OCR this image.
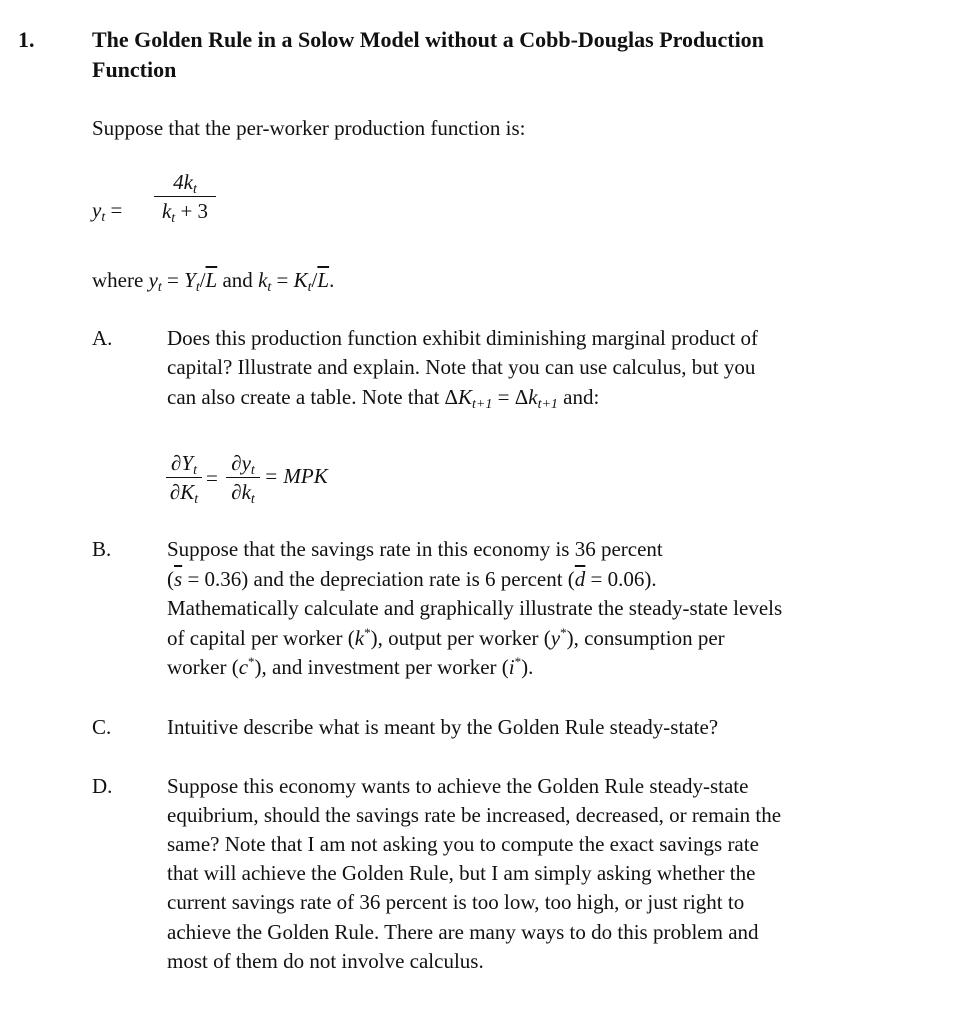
1.	The Golden Rule in a Solow Model without a Cobb-Douglas Production
Function
Suppose that the per-worker production function is:
$y_t$ =
$4k_t$
$k_t + 3$
where $y_t = Y_t/\overline{L}$ and $k_t = K_t/\overline{L}$.
A.	Does this production function exhibit diminishing marginal product of
capital? Illustrate and explain. Note that you can use calculus, but you
can also create a table. Note that $\Delta K_{t+1} = \Delta k_{t+1}$ and:
$\partial Y_t$
$\partial K_t$
=
$\partial y_t$
$\partial k_t$
= MPK
B.	Suppose that the savings rate in this economy is 36 percent
$(\overline{s} = 0.36)$ and the depreciation rate is 6 percent $(\overline{d} = 0.06)$.
Mathematically calculate and graphically illustrate the steady-state levels
of capital per worker (k*), output per worker (y*), consumption per
worker (c*), and investment per worker (i*).
C.	Intuitive describe what is meant by the Golden Rule steady-state?
D.	Suppose this economy wants to achieve the Golden Rule steady-state
equibrium, should the savings rate be increased, decreased, or remain the
same? Note that I am not asking you to compute the exact savings rate
that will achieve the Golden Rule, but I am simply asking whether the
current savings rate of 36 percent is too low, too high, or just right to
achieve the Golden Rule. There are many ways to do this problem and
most of them do not involve calculus.
